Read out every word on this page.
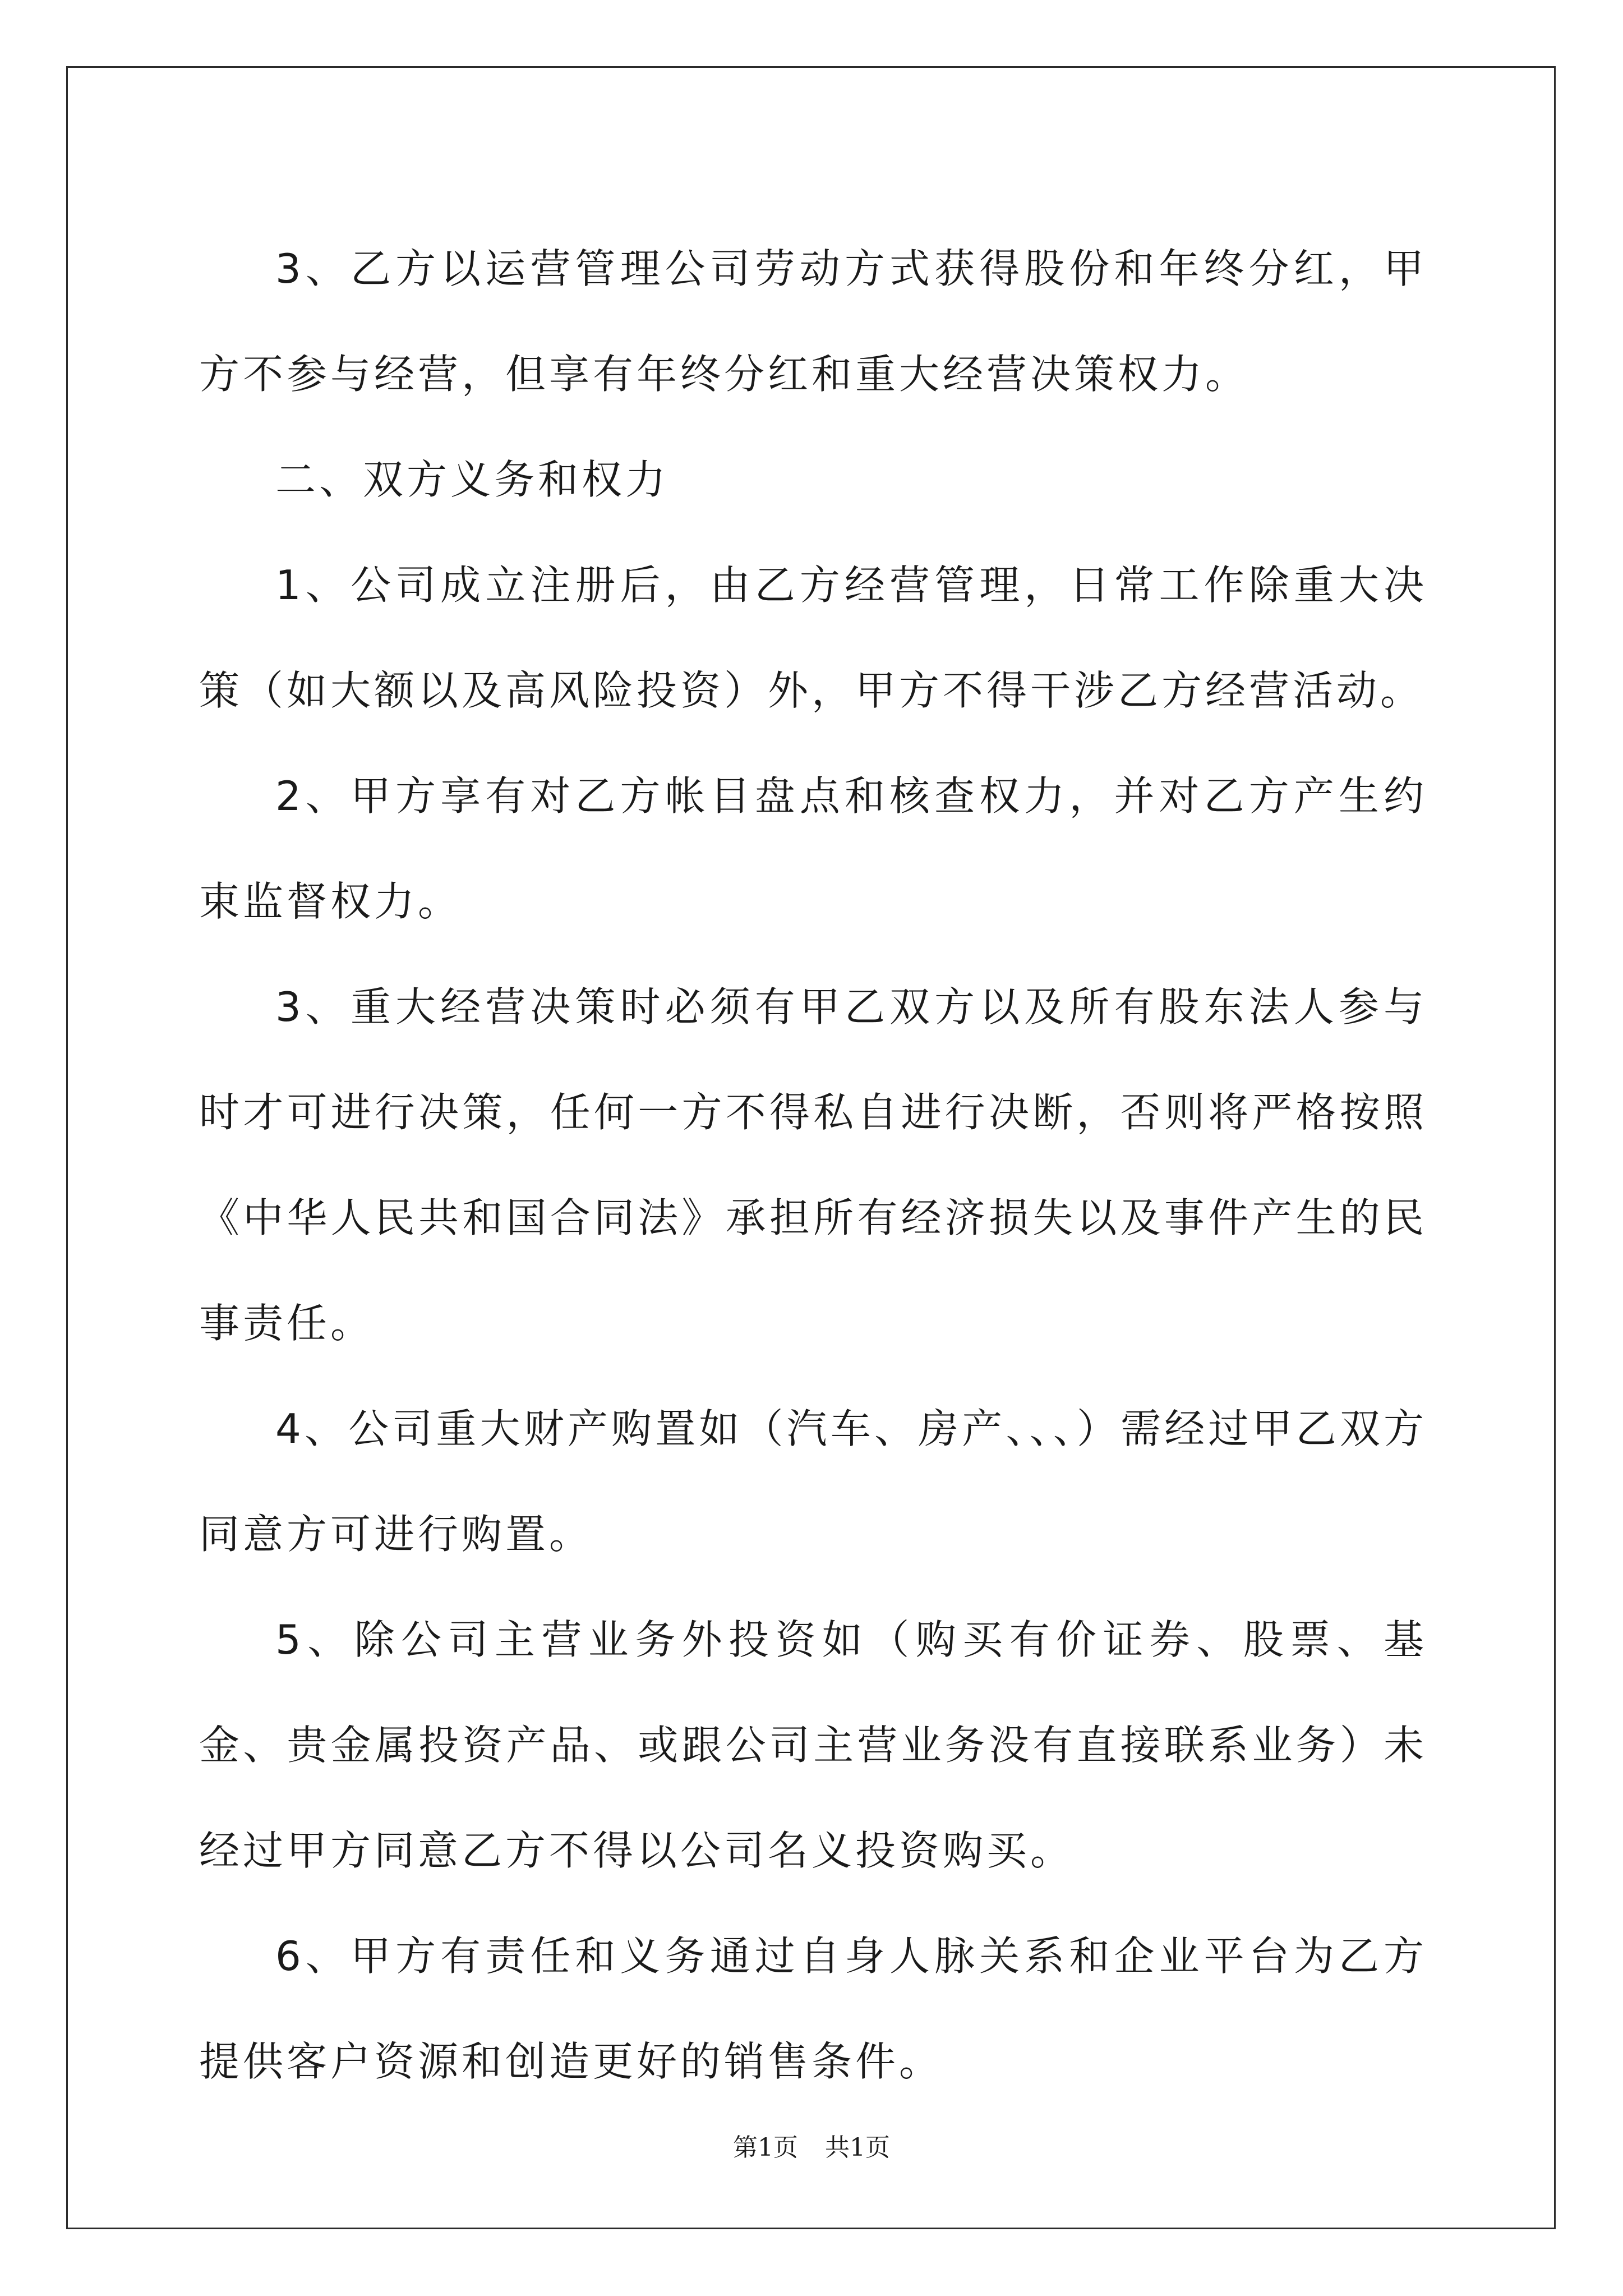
3、乙方以运营管理公司劳动方式获得股份和年终分红，甲方不参与经营，但享有年终分红和重大经营决策权力。

二、双方义务和权力

1、公司成立注册后，由乙方经营管理，日常工作除重大决策（如大额以及高风险投资）外，甲方不得干涉乙方经营活动。

2、甲方享有对乙方帐目盘点和核查权力，并对乙方产生约束监督权力。

3、重大经营决策时必须有甲乙双方以及所有股东法人参与时才可进行决策，任何一方不得私自进行决断，否则将严格按照《中华人民共和国合同法》承担所有经济损失以及事件产生的民事责任。

4、公司重大财产购置如（汽车、房产、、、）需经过甲乙双方同意方可进行购置。

5、除公司主营业务外投资如（购买有价证券、股票、基金、贵金属投资产品、或跟公司主营业务没有直接联系业务）未经过甲方同意乙方不得以公司名义投资购买。

6、甲方有责任和义务通过自身人脉关系和企业平台为乙方提供客户资源和创造更好的销售条件。

第1页 共1页
